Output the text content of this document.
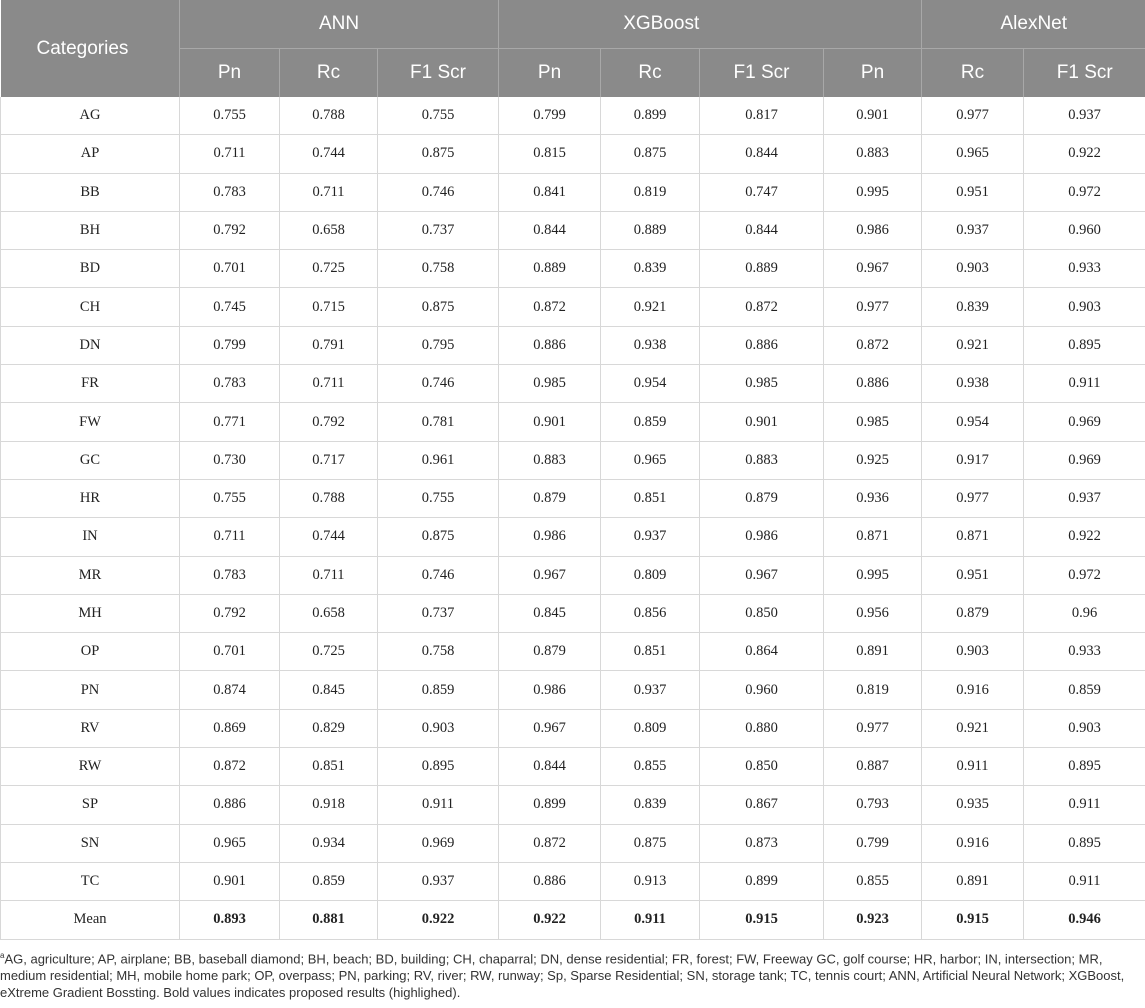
Categories	ANN			XGBoost				AlexNet	
	Pn	Rc	F1 Scr	Pn	Rc	F1 Scr	Pn	Rc	F1 Scr
AG	0.755	0.788	0.755	0.799	0.899	0.817	0.901	0.977	0.937
AP	0.711	0.744	0.875	0.815	0.875	0.844	0.883	0.965	0.922
BB	0.783	0.711	0.746	0.841	0.819	0.747	0.995	0.951	0.972
BH	0.792	0.658	0.737	0.844	0.889	0.844	0.986	0.937	0.960
BD	0.701	0.725	0.758	0.889	0.839	0.889	0.967	0.903	0.933
CH	0.745	0.715	0.875	0.872	0.921	0.872	0.977	0.839	0.903
DN	0.799	0.791	0.795	0.886	0.938	0.886	0.872	0.921	0.895
FR	0.783	0.711	0.746	0.985	0.954	0.985	0.886	0.938	0.911
FW	0.771	0.792	0.781	0.901	0.859	0.901	0.985	0.954	0.969
GC	0.730	0.717	0.961	0.883	0.965	0.883	0.925	0.917	0.969
HR	0.755	0.788	0.755	0.879	0.851	0.879	0.936	0.977	0.937
IN	0.711	0.744	0.875	0.986	0.937	0.986	0.871	0.871	0.922
MR	0.783	0.711	0.746	0.967	0.809	0.967	0.995	0.951	0.972
MH	0.792	0.658	0.737	0.845	0.856	0.850	0.956	0.879	0.96
OP	0.701	0.725	0.758	0.879	0.851	0.864	0.891	0.903	0.933
PN	0.874	0.845	0.859	0.986	0.937	0.960	0.819	0.916	0.859
RV	0.869	0.829	0.903	0.967	0.809	0.880	0.977	0.921	0.903
RW	0.872	0.851	0.895	0.844	0.855	0.850	0.887	0.911	0.895
SP	0.886	0.918	0.911	0.899	0.839	0.867	0.793	0.935	0.911
SN	0.965	0.934	0.969	0.872	0.875	0.873	0.799	0.916	0.895
TC	0.901	0.859	0.937	0.886	0.913	0.899	0.855	0.891	0.911
Mean	0.893	0.881	0.922	0.922	0.911	0.915	0.923	0.915	0.946
$^a$AG, agriculture; AP, airplane; BB, baseball diamond; BH, beach; BD, building; CH, chaparral; DN, dense residential; FR, forest; FW, Freeway GC, golf course; HR, harbor; IN, intersection; MR, medium residential; MH, mobile home park; OP, overpass; PN, parking; RV, river; RW, runway; Sp, Sparse Residential; SN, storage tank; TC, tennis court; ANN, Artificial Neural Network; XGBoost, eXtreme Gradient Bossting. Bold values indicates proposed results (highlighed).
